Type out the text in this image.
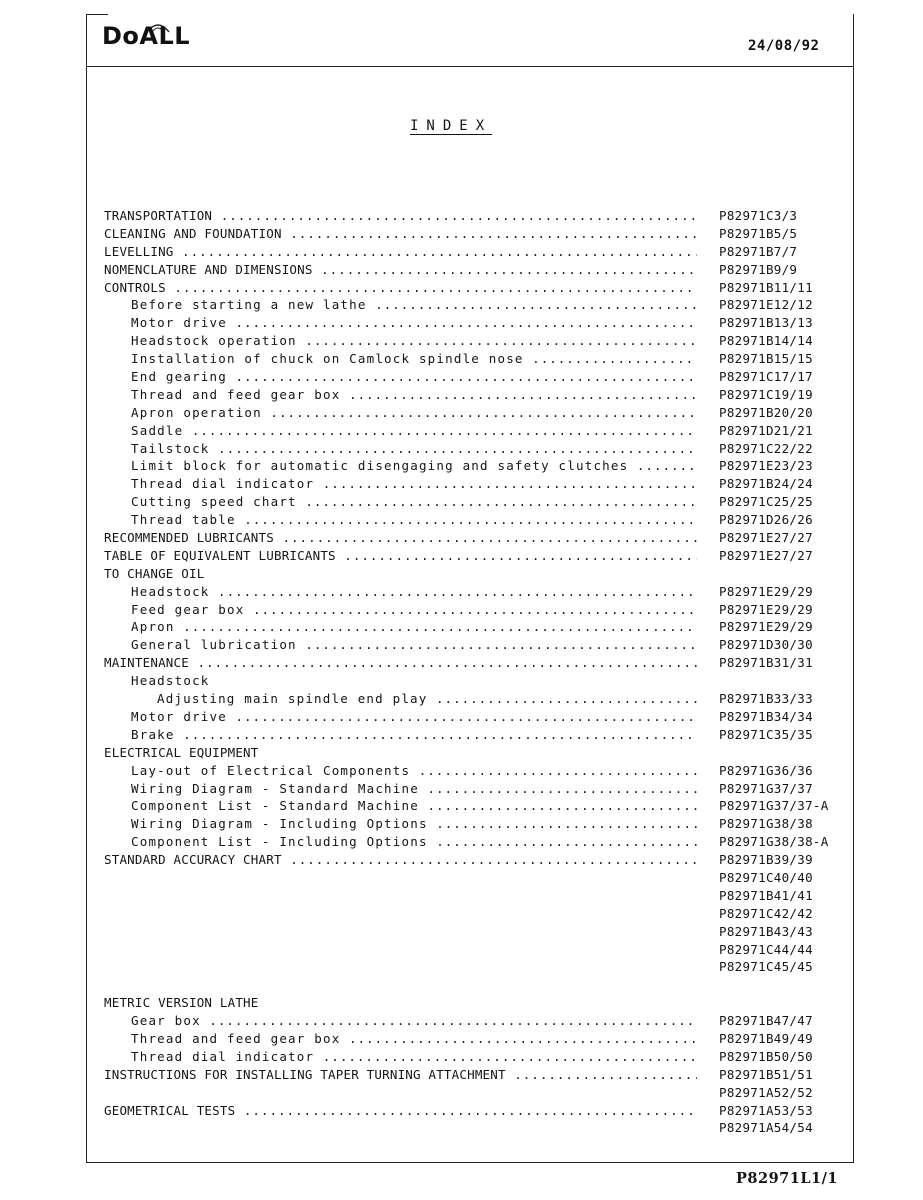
DoALL	24/08/92
INDEX
TRANSPORTATION .....	P82971C3/3
CLEANING AND FOUNDATION .....	P82971B5/5
LEVELLING .....	P82971B7/7
NOMENCLATURE AND DIMENSIONS .....	P82971B9/9
CONTROLS .....	P82971B11/11
Before starting a new lathe .....	P82971E12/12
Motor drive .....	P82971B13/13
Headstock operation .....	P82971B14/14
Installation of chuck on Camlock spindle nose .....	P82971B15/15
End gearing .....	P82971C17/17
Thread and feed gear box .....	P82971C19/19
Apron operation .....	P82971B20/20
Saddle .....	P82971D21/21
Tailstock .....	P82971C22/22
Limit block for automatic disengaging and safety clutches .....	P82971E23/23
Thread dial indicator .....	P82971B24/24
Cutting speed chart .....	P82971C25/25
Thread table .....	P82971D26/26
RECOMMENDED LUBRICANTS .....	P82971E27/27
TABLE OF EQUIVALENT LUBRICANTS .....	P82971E27/27
TO CHANGE OIL
Headstock .....	P82971E29/29
Feed gear box .....	P82971E29/29
Apron .....	P82971E29/29
General lubrication .....	P82971D30/30
MAINTENANCE .....	P82971B31/31
Headstock
Adjusting main spindle end play .....	P82971B33/33
Motor drive .....	P82971B34/34
Brake .....	P82971C35/35
ELECTRICAL EQUIPMENT
Lay-out of Electrical Components .....	P82971G36/36
Wiring Diagram - Standard Machine .....	P82971G37/37
Component List - Standard Machine .....	P82971G37/37-A
Wiring Diagram - Including Options .....	P82971G38/38
Component List - Including Options .....	P82971G38/38-A
STANDARD ACCURACY CHART .....	P82971B39/39
P82971C40/40
P82971B41/41
P82971C42/42
P82971B43/43
P82971C44/44
P82971C45/45
METRIC VERSION LATHE
Gear box .....	P82971B47/47
Thread and feed gear box .....	P82971B49/49
Thread dial indicator .....	P82971B50/50
INSTRUCTIONS FOR INSTALLING TAPER TURNING ATTACHMENT .....	P82971B51/51
P82971A52/52
GEOMETRICAL TESTS .....	P82971A53/53
P82971A54/54
P82971L1/1
